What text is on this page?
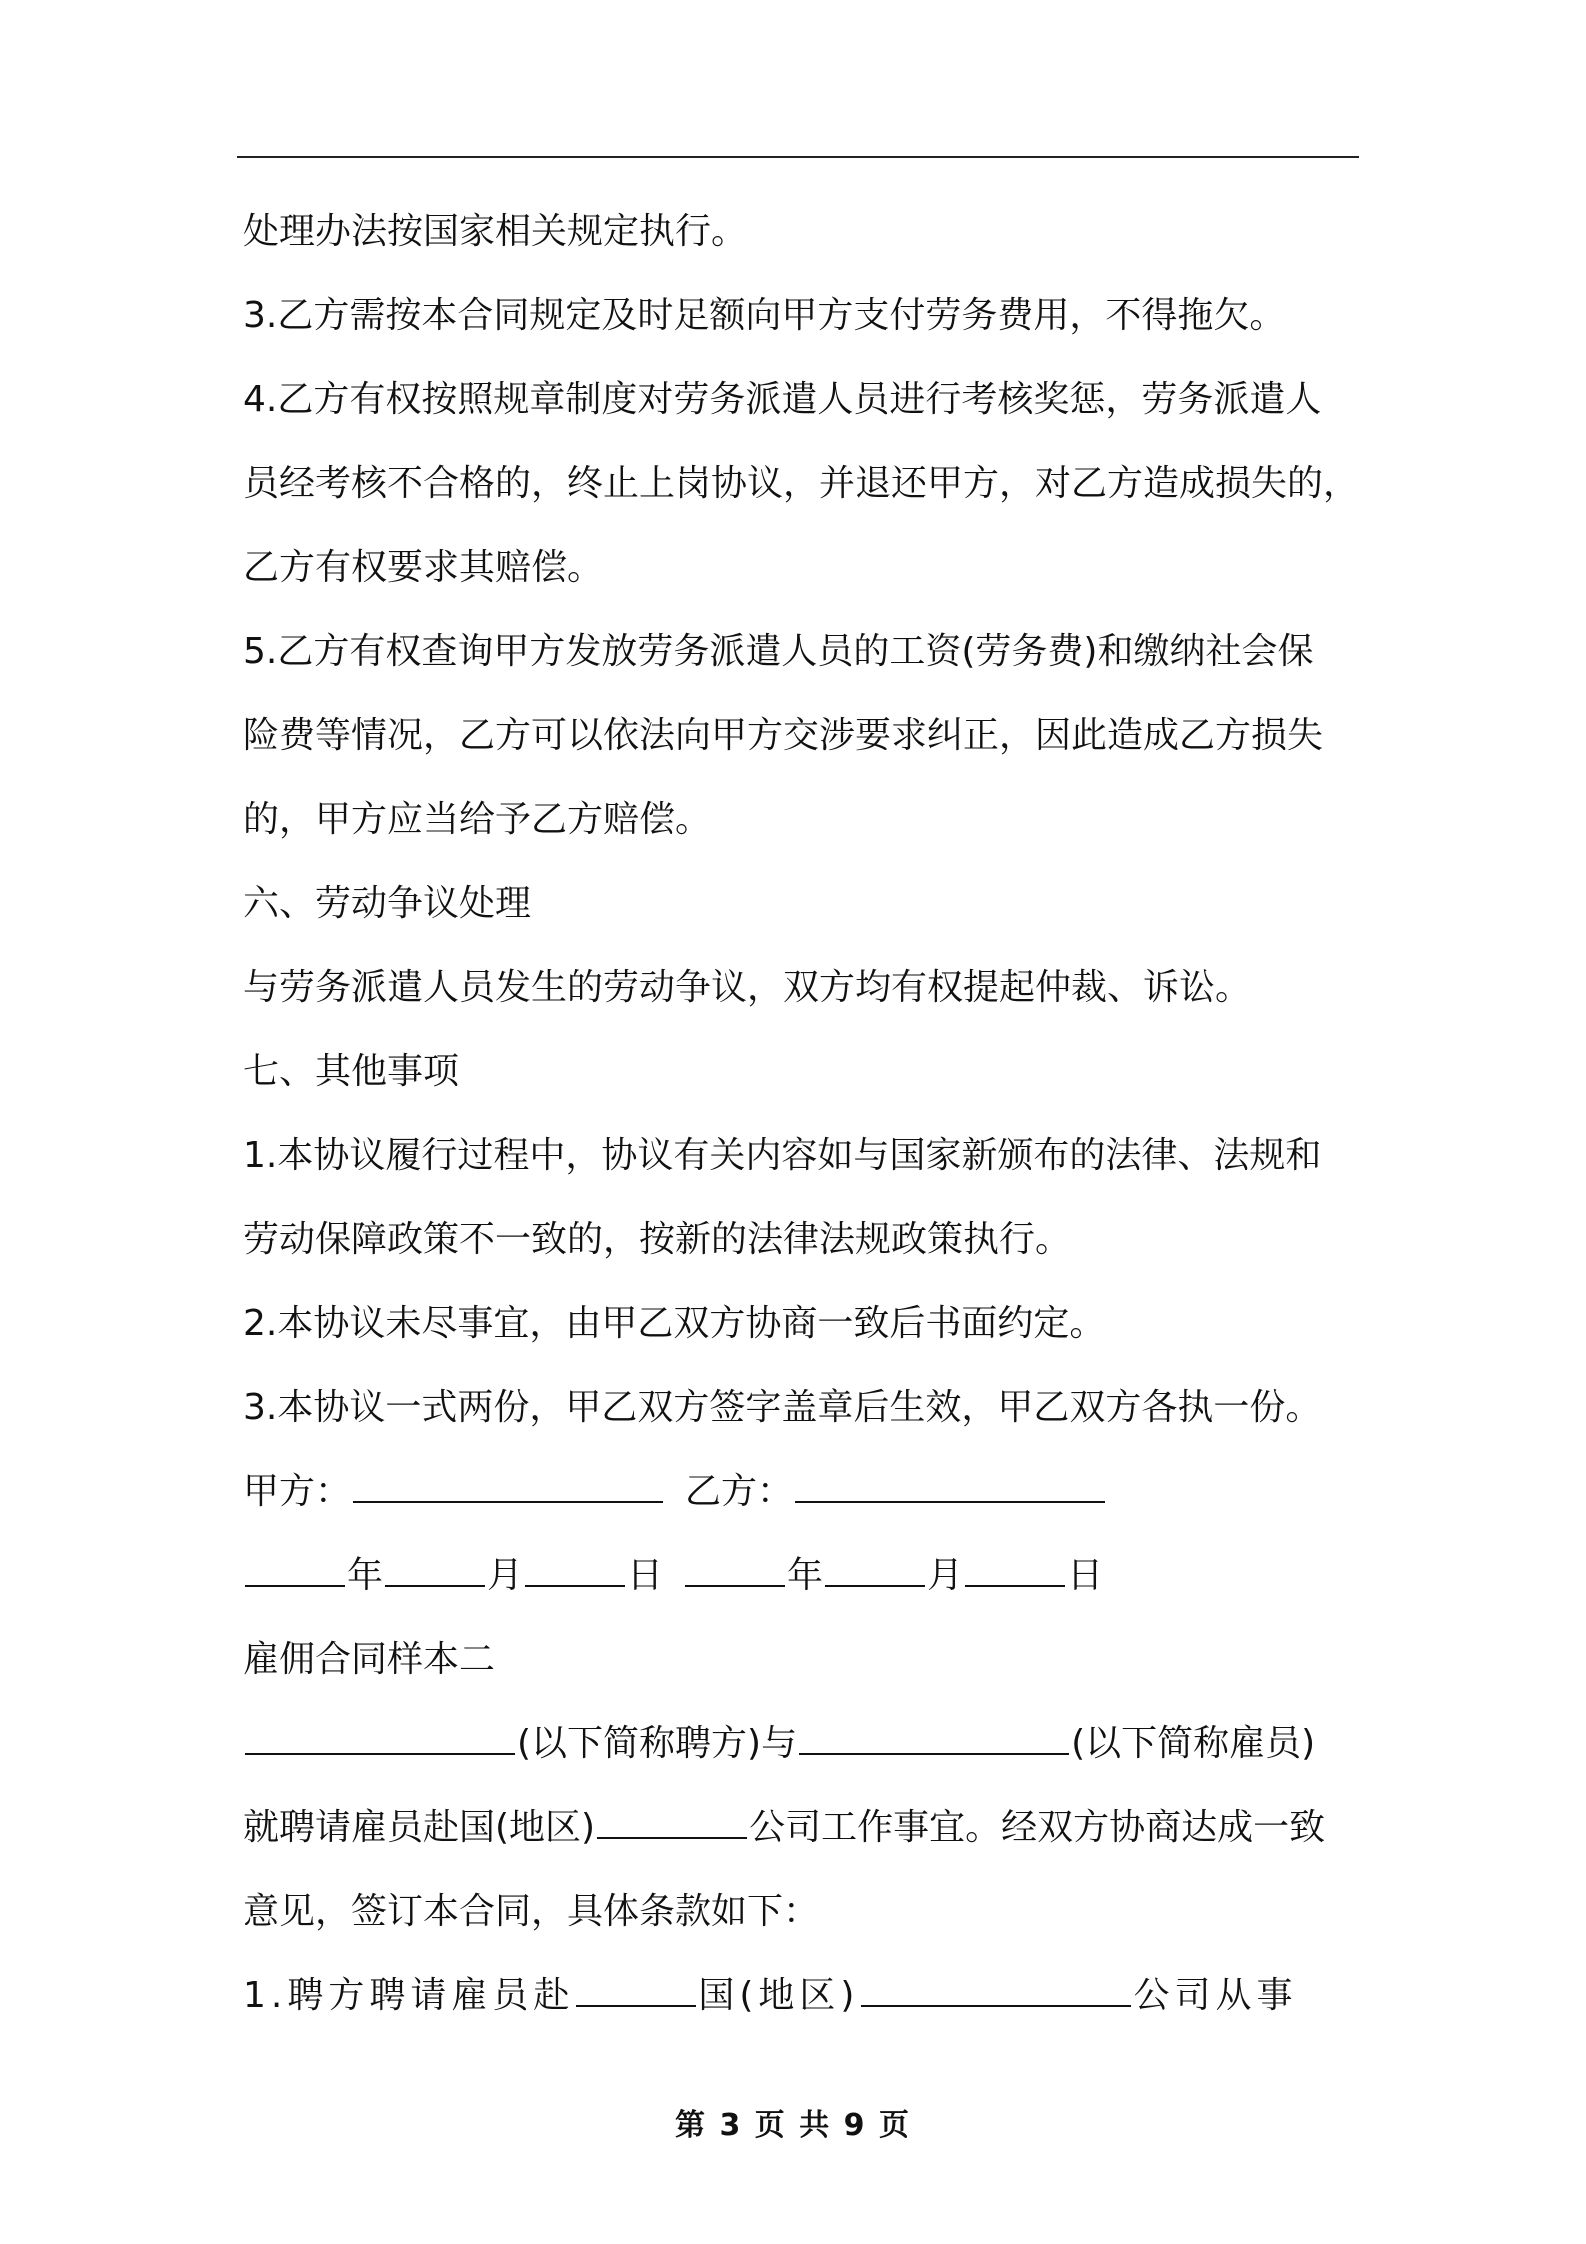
处理办法按国家相关规定执行。
3.乙方需按本合同规定及时足额向甲方支付劳务费用，不得拖欠。
4.乙方有权按照规章制度对劳务派遣人员进行考核奖惩，劳务派遣人
员经考核不合格的，终止上岗协议，并退还甲方，对乙方造成损失的，
乙方有权要求其赔偿。
5.乙方有权查询甲方发放劳务派遣人员的工资(劳务费)和缴纳社会保
险费等情况，乙方可以依法向甲方交涉要求纠正，因此造成乙方损失
的，甲方应当给予乙方赔偿。
六、劳动争议处理
与劳务派遣人员发生的劳动争议，双方均有权提起仲裁、诉讼。
七、其他事项
1.本协议履行过程中，协议有关内容如与国家新颁布的法律、法规和
劳动保障政策不一致的，按新的法律法规政策执行。
2.本协议未尽事宜，由甲乙双方协商一致后书面约定。
3.本协议一式两份，甲乙双方签字盖章后生效，甲乙双方各执一份。
甲方：	乙方：
年	月	日	年	月	日
雇佣合同样本二
(以下简称聘方)与	(以下简称雇员)
就聘请雇员赴国(地区)	公司工作事宜。经双方协商达成一致
意见，签订本合同，具体条款如下：
1.聘方聘请雇员赴	国(地区)	公司从事
第 3 页 共 9 页
